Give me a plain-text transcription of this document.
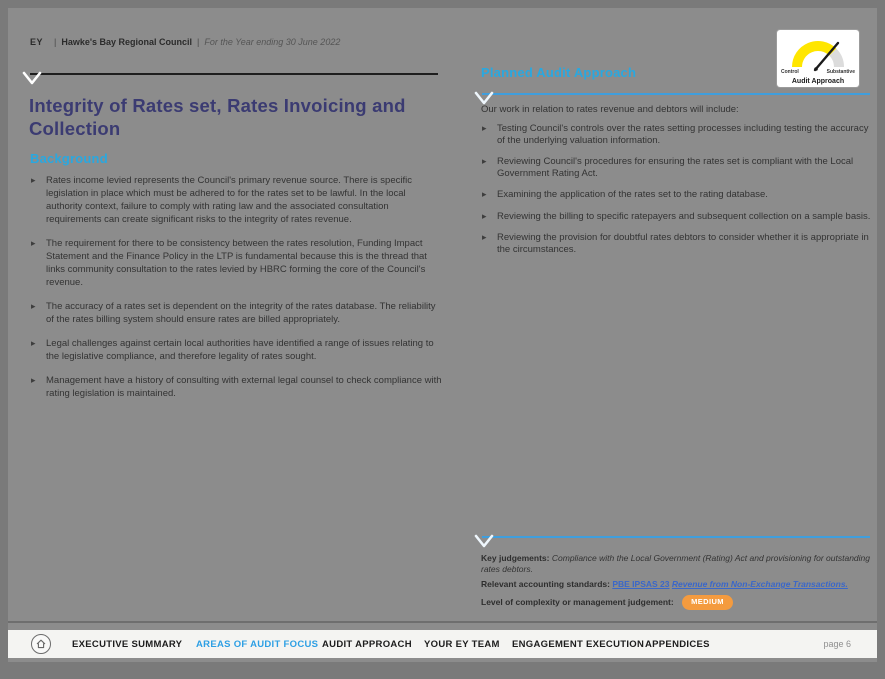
EY | Hawke's Bay Regional Council | For the Year ending 30 June 2022
Integrity of Rates set, Rates Invoicing and Collection
Background
▸ Rates income levied represents the Council's primary revenue source. There is specific legislation in place which must be adhered to for the rates set to be lawful. In the local authority context, failure to comply with rating law and the associated consultation requirements can create significant risks to the integrity of rates revenue.
▸ The requirement for there to be consistency between the rates resolution, Funding Impact Statement and the Finance Policy in the LTP is fundamental because this is the thread that links community consultation to the rates levied by HBRC forming the core of the Council's revenue.
▸ The accuracy of a rates set is dependent on the integrity of the rates database. The reliability of the rates billing system should ensure rates are billed appropriately.
▸ Legal challenges against certain local authorities have identified a range of issues relating to the legislative compliance, and therefore legality of rates sought.
▸ Management have a history of consulting with external legal counsel to check compliance with rating legislation is maintained.
Planned Audit Approach
Our work in relation to rates revenue and debtors will include:
▸ Testing Council's controls over the rates setting processes including testing the accuracy of the underlying valuation information.
▸ Reviewing Council's procedures for ensuring the rates set is compliant with the Local Government Rating Act.
▸ Examining the application of the rates set to the rating database.
▸ Reviewing the billing to specific ratepayers and subsequent collection on a sample basis.
▸ Reviewing the provision for doubtful rates debtors to consider whether it is appropriate in the circumstances.
Key judgements: Compliance with the Local Government (Rating) Act and provisioning for outstanding rates debtors.
Relevant accounting standards: PBE IPSAS 23 Revenue from Non-Exchange Transactions.
Level of complexity or management judgement: MEDIUM
Control	Substantive
Audit Approach
EXECUTIVE SUMMARY AREAS OF AUDIT FOCUS AUDIT APPROACH YOUR EY TEAM ENGAGEMENT EXECUTION APPENDICES	page 6
